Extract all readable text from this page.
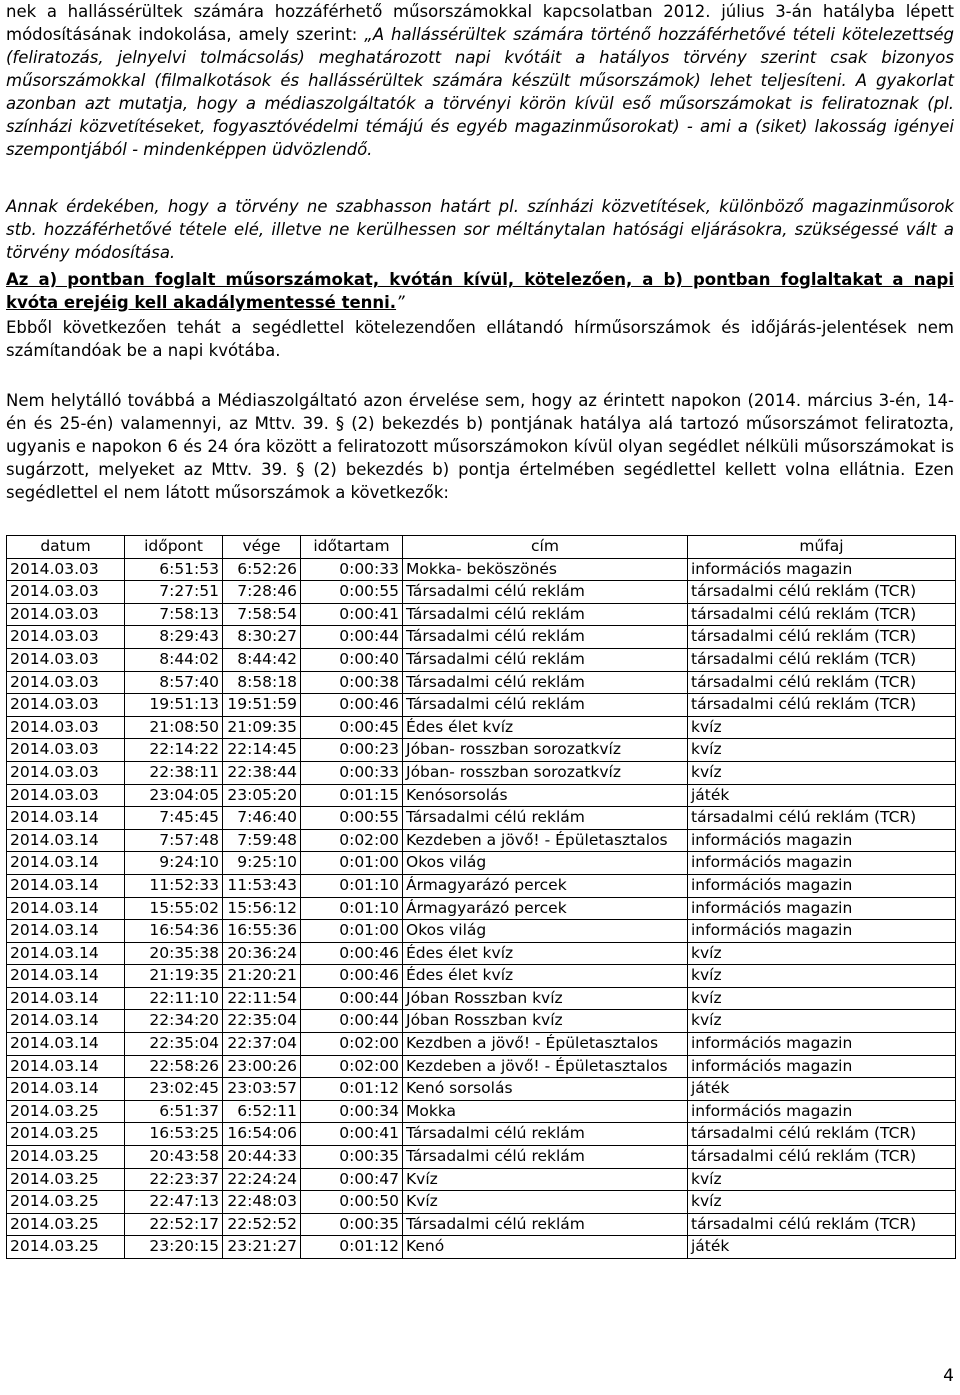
nek a hallássérültek számára hozzáférhető műsorszámokkal kapcsolatban 2012. július 3-án hatályba lépett módosításának indokolása, amely szerint: „A hallássérültek számára történő hozzáférhetővé tételi kötelezettség (feliratozás, jelnyelvi tolmácsolás) meghatározott napi kvótáit a hatályos törvény szerint csak bizonyos műsorszámokkal (filmalkotások és hallássérültek számára készült műsorszámok) lehet teljesíteni. A gyakorlat azonban azt mutatja, hogy a médiaszolgáltatók a törvényi körön kívül eső műsorszámokat is feliratoznak (pl. színházi közvetítéseket, fogyasztóvédelmi témájú és egyéb magazinműsorokat) - ami a (siket) lakosság igényei szempontjából - mindenképpen üdvözlendő.

Annak érdekében, hogy a törvény ne szabhasson határt pl. színházi közvetítések, különböző magazinműsorok stb. hozzáférhetővé tétele elé, illetve ne kerülhessen sor méltánytalan hatósági eljárásokra, szükségessé vált a törvény módosítása.

Az a) pontban foglalt műsorszámokat, kvótán kívül, kötelezően, a b) pontban foglaltakat a napi kvóta erejéig kell akadálymentessé tenni.”

Ebből következően tehát a segédlettel kötelezendően ellátandó hírműsorszámok és időjárás-jelentések nem számítandóak be a napi kvótába.

Nem helytálló továbbá a Médiaszolgáltató azon érvelése sem, hogy az érintett napokon (2014. március 3-én, 14-én és 25-én) valamennyi, az Mttv. 39. § (2) bekezdés b) pontjának hatálya alá tartozó műsorszámot feliratozta, ugyanis e napokon 6 és 24 óra között a feliratozott műsorszámokon kívül olyan segédlet nélküli műsorszámokat is sugárzott, melyeket az Mttv. 39. § (2) bekezdés b) pontja értelmében segédlettel kellett volna ellátnia. Ezen segédlettel el nem látott műsorszámok a következők:

datum	időpont	vége	időtartam	cím	műfaj
2014.03.03	6:51:53	6:52:26	0:00:33	Mokka- beköszönés	információs magazin
2014.03.03	7:27:51	7:28:46	0:00:55	Társadalmi célú reklám	társadalmi célú reklám (TCR)
2014.03.03	7:58:13	7:58:54	0:00:41	Társadalmi célú reklám	társadalmi célú reklám (TCR)
2014.03.03	8:29:43	8:30:27	0:00:44	Társadalmi célú reklám	társadalmi célú reklám (TCR)
2014.03.03	8:44:02	8:44:42	0:00:40	Társadalmi célú reklám	társadalmi célú reklám (TCR)
2014.03.03	8:57:40	8:58:18	0:00:38	Társadalmi célú reklám	társadalmi célú reklám (TCR)
2014.03.03	19:51:13	19:51:59	0:00:46	Társadalmi célú reklám	társadalmi célú reklám (TCR)
2014.03.03	21:08:50	21:09:35	0:00:45	Édes élet kvíz	kvíz
2014.03.03	22:14:22	22:14:45	0:00:23	Jóban- rosszban sorozatkvíz	kvíz
2014.03.03	22:38:11	22:38:44	0:00:33	Jóban- rosszban sorozatkvíz	kvíz
2014.03.03	23:04:05	23:05:20	0:01:15	Kenósorsolás	játék
2014.03.14	7:45:45	7:46:40	0:00:55	Társadalmi célú reklám	társadalmi célú reklám (TCR)
2014.03.14	7:57:48	7:59:48	0:02:00	Kezdeben a jövő! - Épületasztalos	információs magazin
2014.03.14	9:24:10	9:25:10	0:01:00	Okos világ	információs magazin
2014.03.14	11:52:33	11:53:43	0:01:10	Ármagyarázó percek	információs magazin
2014.03.14	15:55:02	15:56:12	0:01:10	Ármagyarázó percek	információs magazin
2014.03.14	16:54:36	16:55:36	0:01:00	Okos világ	információs magazin
2014.03.14	20:35:38	20:36:24	0:00:46	Édes élet kvíz	kvíz
2014.03.14	21:19:35	21:20:21	0:00:46	Édes élet kvíz	kvíz
2014.03.14	22:11:10	22:11:54	0:00:44	Jóban Rosszban kvíz	kvíz
2014.03.14	22:34:20	22:35:04	0:00:44	Jóban Rosszban kvíz	kvíz
2014.03.14	22:35:04	22:37:04	0:02:00	Kezdben a jövő! - Épületasztalos	információs magazin
2014.03.14	22:58:26	23:00:26	0:02:00	Kezdeben a jövő! - Épületasztalos	információs magazin
2014.03.14	23:02:45	23:03:57	0:01:12	Kenó sorsolás	játék
2014.03.25	6:51:37	6:52:11	0:00:34	Mokka	információs magazin
2014.03.25	16:53:25	16:54:06	0:00:41	Társadalmi célú reklám	társadalmi célú reklám (TCR)
2014.03.25	20:43:58	20:44:33	0:00:35	Társadalmi célú reklám	társadalmi célú reklám (TCR)
2014.03.25	22:23:37	22:24:24	0:00:47	Kvíz	kvíz
2014.03.25	22:47:13	22:48:03	0:00:50	Kvíz	kvíz
2014.03.25	22:52:17	22:52:52	0:00:35	Társadalmi célú reklám	társadalmi célú reklám (TCR)
2014.03.25	23:20:15	23:21:27	0:01:12	Kenó	játék
4
